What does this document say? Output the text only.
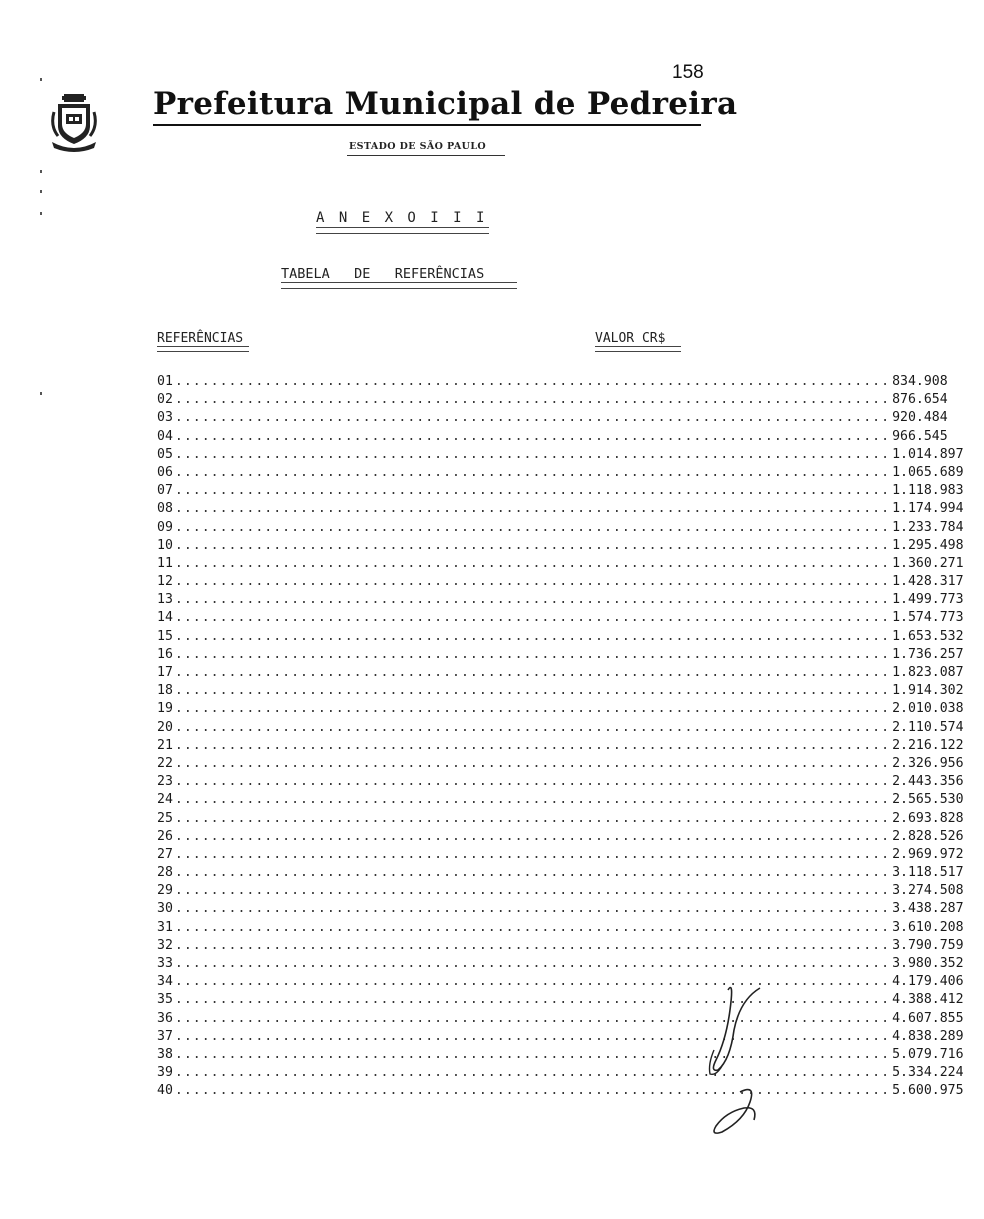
158
Prefeitura Municipal de Pedreira
ESTADO DE SÃO PAULO
A N E X O I I I
TABELA   DE   REFERÊNCIAS
REFERÊNCIAS	VALOR CR$
01 ................................................................................ 834.908
02 ................................................................................ 876.654
03 ................................................................................ 920.484
04 ................................................................................ 966.545
05 ................................................................................ 1.014.897
06 ................................................................................ 1.065.689
07 ................................................................................ 1.118.983
08 ................................................................................ 1.174.994
09 ................................................................................ 1.233.784
10 ................................................................................ 1.295.498
11 ................................................................................ 1.360.271
12 ................................................................................ 1.428.317
13 ................................................................................ 1.499.773
14 ................................................................................ 1.574.773
15 ................................................................................ 1.653.532
16 ................................................................................ 1.736.257
17 ................................................................................ 1.823.087
18 ................................................................................ 1.914.302
19 ................................................................................ 2.010.038
20 ................................................................................ 2.110.574
21 ................................................................................ 2.216.122
22 ................................................................................ 2.326.956
23 ................................................................................ 2.443.356
24 ................................................................................ 2.565.530
25 ................................................................................ 2.693.828
26 ................................................................................ 2.828.526
27 ................................................................................ 2.969.972
28 ................................................................................ 3.118.517
29 ................................................................................ 3.274.508
30 ................................................................................ 3.438.287
31 ................................................................................ 3.610.208
32 ................................................................................ 3.790.759
33 ................................................................................ 3.980.352
34 ................................................................................ 4.179.406
35 ................................................................................ 4.388.412
36 ................................................................................ 4.607.855
37 ................................................................................ 4.838.289
38 ................................................................................ 5.079.716
39 ................................................................................ 5.334.224
40 ................................................................................ 5.600.975
